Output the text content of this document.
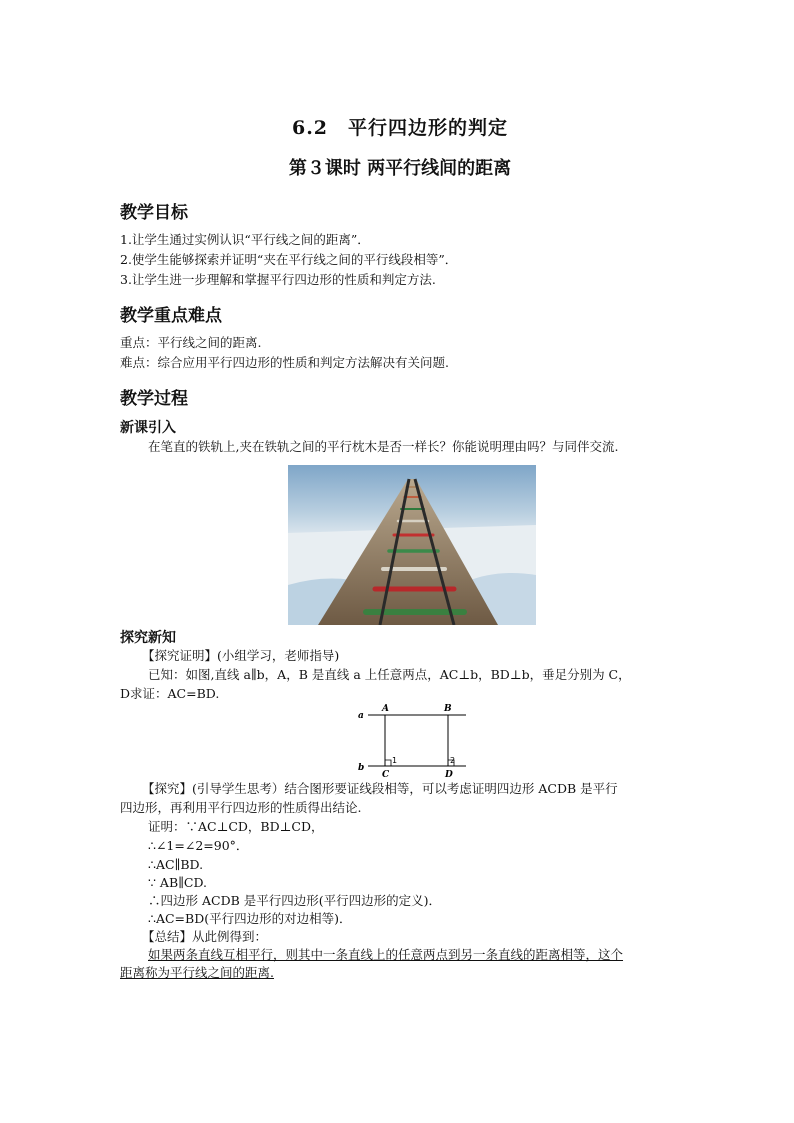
6.2　平行四边形的判定
第３课时 两平行线间的距离
教学目标
1.让学生通过实例认识“平行线之间的距离”．
2.使学生能够探索并证明“夹在平行线之间的平行线段相等”．
3.让学生进一步理解和掌握平行四边形的性质和判定方法.
教学重点难点
重点：平行线之间的距离.
难点：综合应用平行四边形的性质和判定方法解决有关问题.
教学过程
新课引入
在笔直的铁轨上,夹在铁轨之间的平行枕木是否一样长？你能说明理由吗？与同伴交流.
探究新知
【探究证明】(小组学习，老师指导)
已知：如图,直线 a∥b，A，B 是直线 a 上任意两点，AC⊥b，BD⊥b，垂足分别为 C，
D求证：AC=BD.
a
b
A	B
C	D
1	2
【探究】(引导学生思考）结合图形要证线段相等，可以考虑证明四边形 ACDB 是平行
四边形，再利用平行四边形的性质得出结论.
证明：∵AC⊥CD，BD⊥CD，
∴∠1=∠2=90°．
∴AC∥BD.
∵ AB∥CD.
∴四边形 ACDB 是平行四边形(平行四边形的定义)．
∴AC=BD(平行四边形的对边相等)．
【总结】从此例得到：
如果两条直线互相平行，则其中一条直线上的任意两点到另一条直线的距离相等，这个
距离称为平行线之间的距离.
